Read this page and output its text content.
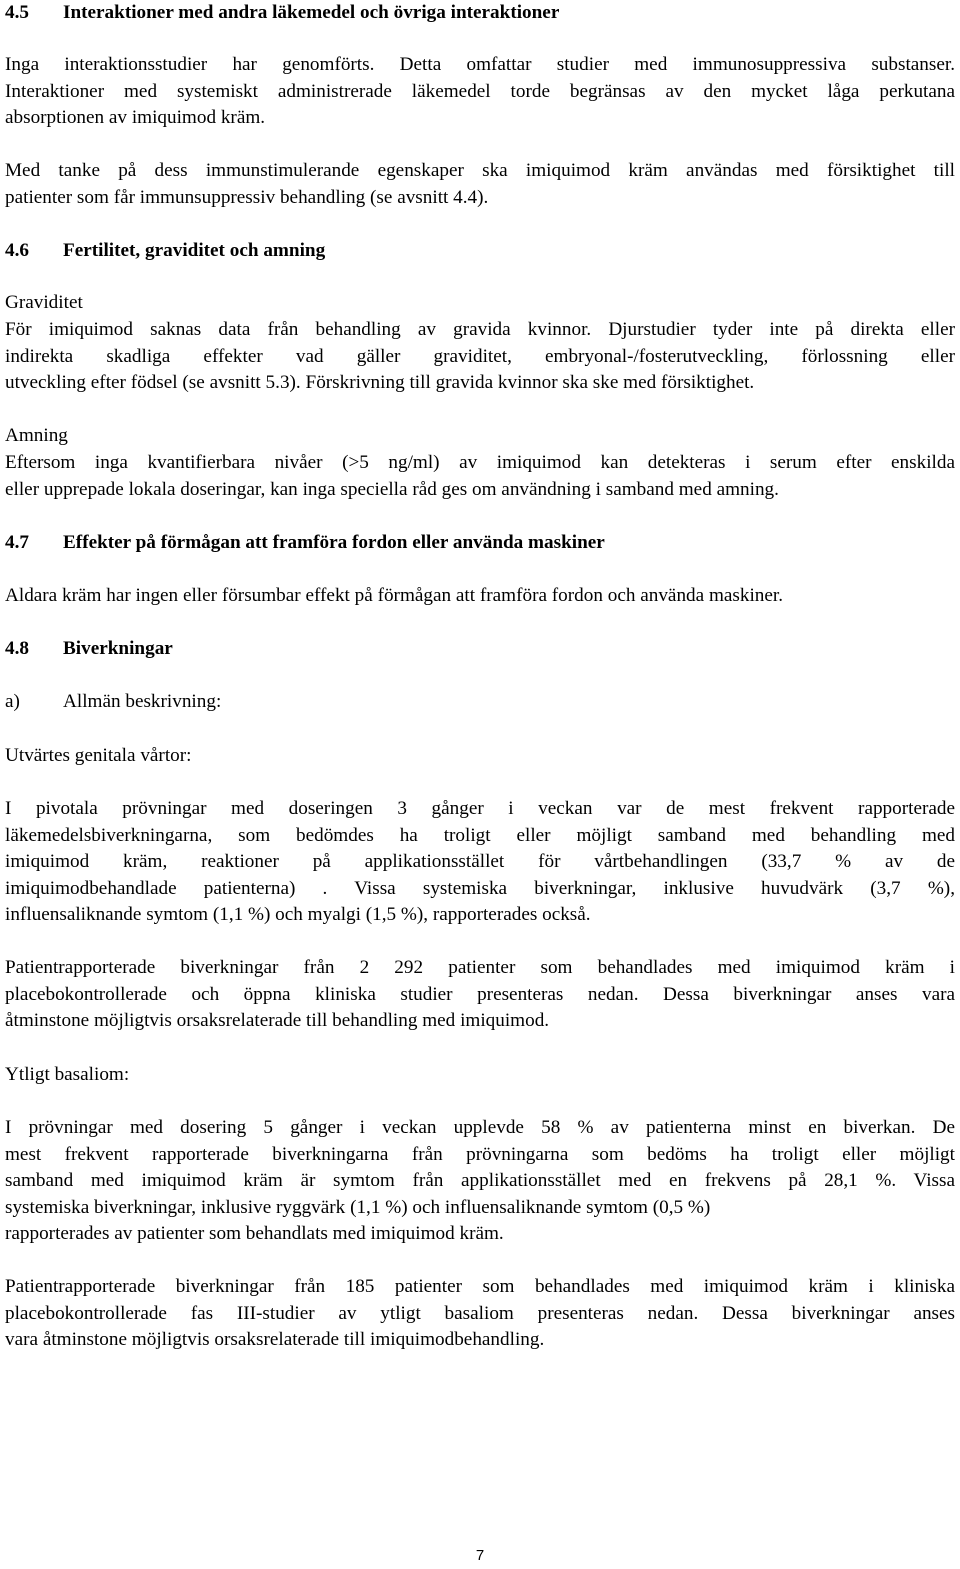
4.5 Interaktioner med andra läkemedel och övriga interaktioner
Inga interaktionsstudier har genomförts. Detta omfattar studier med immunosuppressiva substanser.
Interaktioner med systemiskt administrerade läkemedel torde begränsas av den mycket låga perkutana
absorptionen av imiquimod kräm.
Med tanke på dess immunstimulerande egenskaper ska imiquimod kräm användas med försiktighet till
patienter som får immunsuppressiv behandling (se avsnitt 4.4).
4.6 Fertilitet, graviditet och amning
Graviditet
För imiquimod saknas data från behandling av gravida kvinnor. Djurstudier tyder inte på direkta eller
indirekta skadliga effekter vad gäller graviditet, embryonal-/fosterutveckling, förlossning eller
utveckling efter födsel (se avsnitt 5.3). Förskrivning till gravida kvinnor ska ske med försiktighet.
Amning
Eftersom inga kvantifierbara nivåer (>5 ng/ml) av imiquimod kan detekteras i serum efter enskilda
eller upprepade lokala doseringar, kan inga speciella råd ges om användning i samband med amning.
4.7 Effekter på förmågan att framföra fordon eller använda maskiner
Aldara kräm har ingen eller försumbar effekt på förmågan att framföra fordon och använda maskiner.
4.8 Biverkningar
a) Allmän beskrivning:
Utvärtes genitala vårtor:
I pivotala prövningar med doseringen 3 gånger i veckan var de mest frekvent rapporterade
läkemedelsbiverkningarna, som bedömdes ha troligt eller möjligt samband med behandling med
imiquimod kräm, reaktioner på applikationsstället för vårtbehandlingen (33,7 % av de
imiquimodbehandlade patienterna) . Vissa systemiska biverkningar, inklusive huvudvärk (3,7 %),
influensaliknande symtom (1,1 %) och myalgi (1,5 %), rapporterades också.
Patientrapporterade biverkningar från 2 292 patienter som behandlades med imiquimod kräm i
placebokontrollerade och öppna kliniska studier presenteras nedan. Dessa biverkningar anses vara
åtminstone möjligtvis orsaksrelaterade till behandling med imiquimod.
Ytligt basaliom:
I prövningar med dosering 5 gånger i veckan upplevde 58 % av patienterna minst en biverkan. De
mest frekvent rapporterade biverkningarna från prövningarna som bedöms ha troligt eller möjligt
samband med imiquimod kräm är symtom från applikationsstället med en frekvens på 28,1 %. Vissa
systemiska biverkningar, inklusive ryggvärk (1,1 %) och influensaliknande symtom (0,5 %)
rapporterades av patienter som behandlats med imiquimod kräm.
Patientrapporterade biverkningar från 185 patienter som behandlades med imiquimod kräm i kliniska
placebokontrollerade fas III-studier av ytligt basaliom presenteras nedan. Dessa biverkningar anses
vara åtminstone möjligtvis orsaksrelaterade till imiquimodbehandling.
7
